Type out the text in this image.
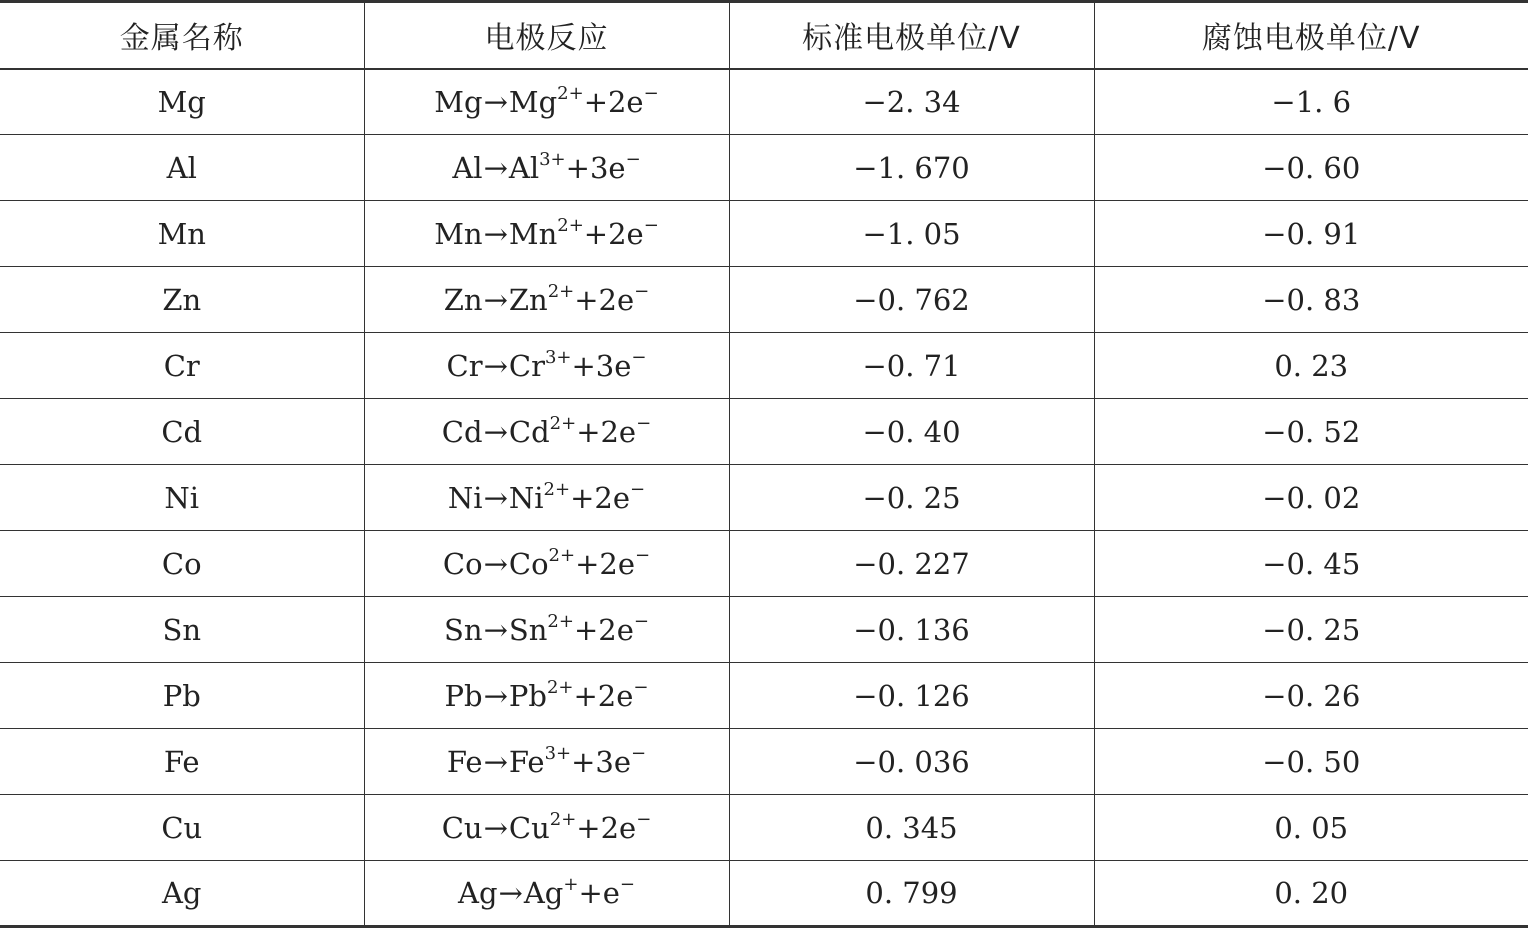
金属名称	电极反应	标准电极单位/V	腐蚀电极单位/V
Mg	$Mg\to Mg^{2+}+2e^-$	−2. 34	−1. 6
Al	$Al\to Al^{3+}+3e^-$	−1. 670	−0. 60
Mn	$Mn\to Mn^{2+}+2e^-$	−1. 05	−0. 91
Zn	$Zn\to Zn^{2+}+2e^-$	−0. 762	−0. 83
Cr	$Cr\to Cr^{3+}+3e^-$	−0. 71	0. 23
Cd	$Cd\to Cd^{2+}+2e^-$	−0. 40	−0. 52
Ni	$Ni\to Ni^{2+}+2e^-$	−0. 25	−0. 02
Co	$Co\to Co^{2+}+2e^-$	−0. 227	−0. 45
Sn	$Sn\to Sn^{2+}+2e^-$	−0. 136	−0. 25
Pb	$Pb\to Pb^{2+}+2e^-$	−0. 126	−0. 26
Fe	$Fe\to Fe^{3+}+3e^-$	−0. 036	−0. 50
Cu	$Cu\to Cu^{2+}+2e^-$	0. 345	0. 05
Ag	Ag→Ag++e−	0. 799	0. 20
